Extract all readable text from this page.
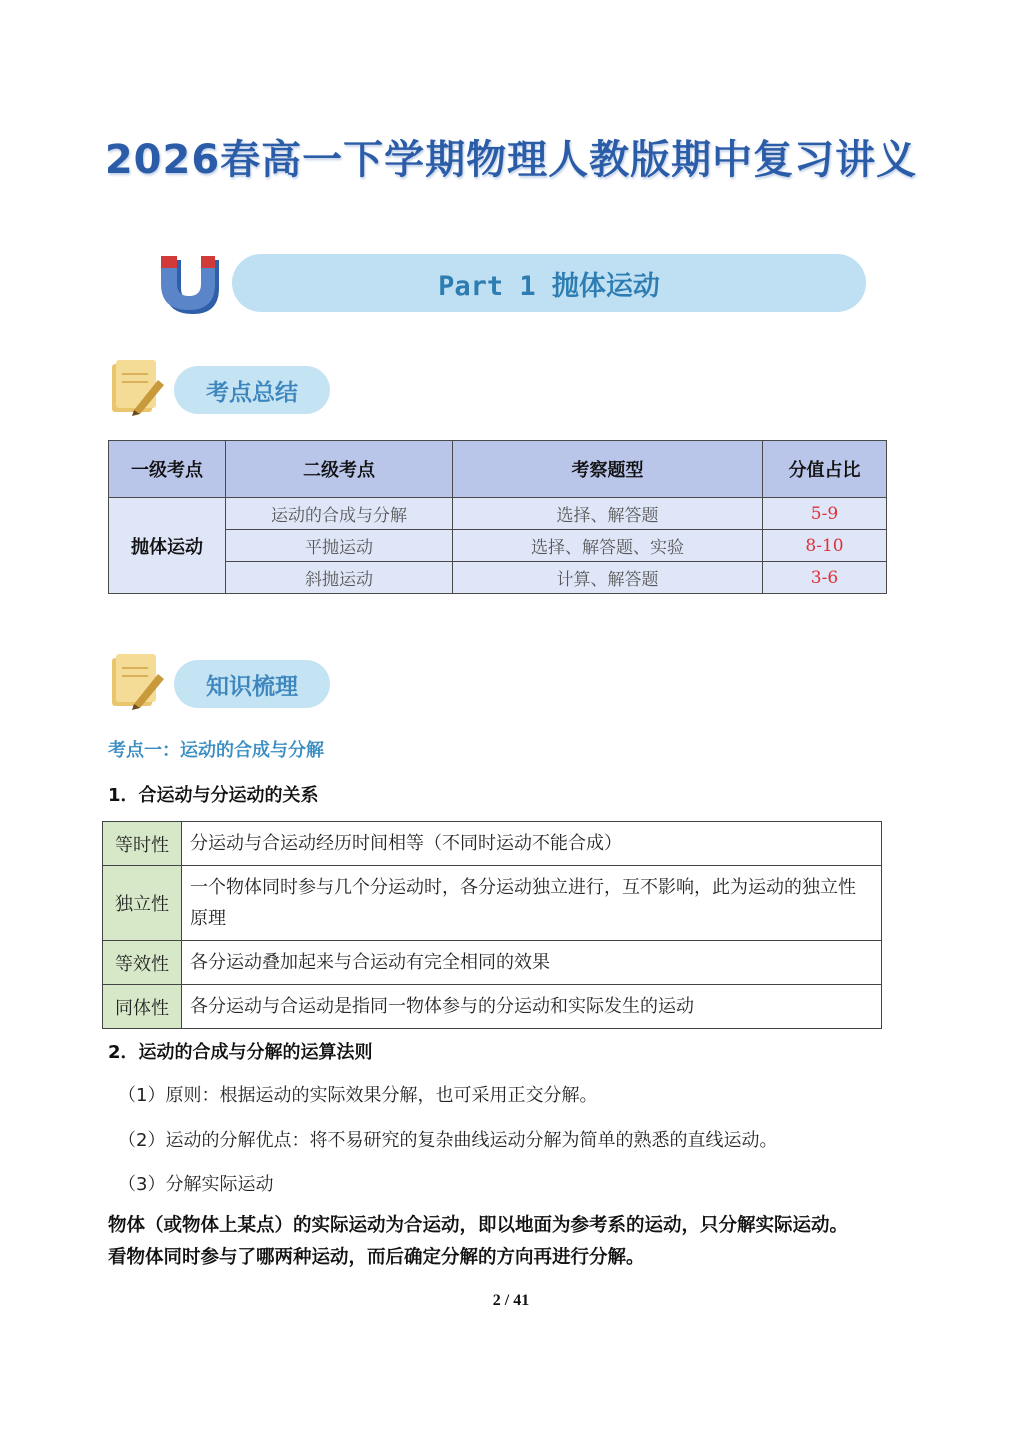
2026春高一下学期物理人教版期中复习讲义
Part 1 抛体运动
考点总结
一级考点	二级考点	考察题型	分值占比
抛体运动	运动的合成与分解	选择、解答题	5-9
	平抛运动	选择、解答题、实验	8-10
	斜抛运动	计算、解答题	3-6
知识梳理
考点一：运动的合成与分解
1．合运动与分运动的关系
等时性	分运动与合运动经历时间相等（不同时运动不能合成）
独立性	一个物体同时参与几个分运动时，各分运动独立进行，互不影响，此为运动的独立性原理
等效性	各分运动叠加起来与合运动有完全相同的效果
同体性	各分运动与合运动是指同一物体参与的分运动和实际发生的运动
2．运动的合成与分解的运算法则
（1）原则：根据运动的实际效果分解，也可采用正交分解。
（2）运动的分解优点：将不易研究的复杂曲线运动分解为简单的熟悉的直线运动。
（3）分解实际运动
物体（或物体上某点）的实际运动为合运动，即以地面为参考系的运动，只分解实际运动。
看物体同时参与了哪两种运动，而后确定分解的方向再进行分解。
2 / 41
